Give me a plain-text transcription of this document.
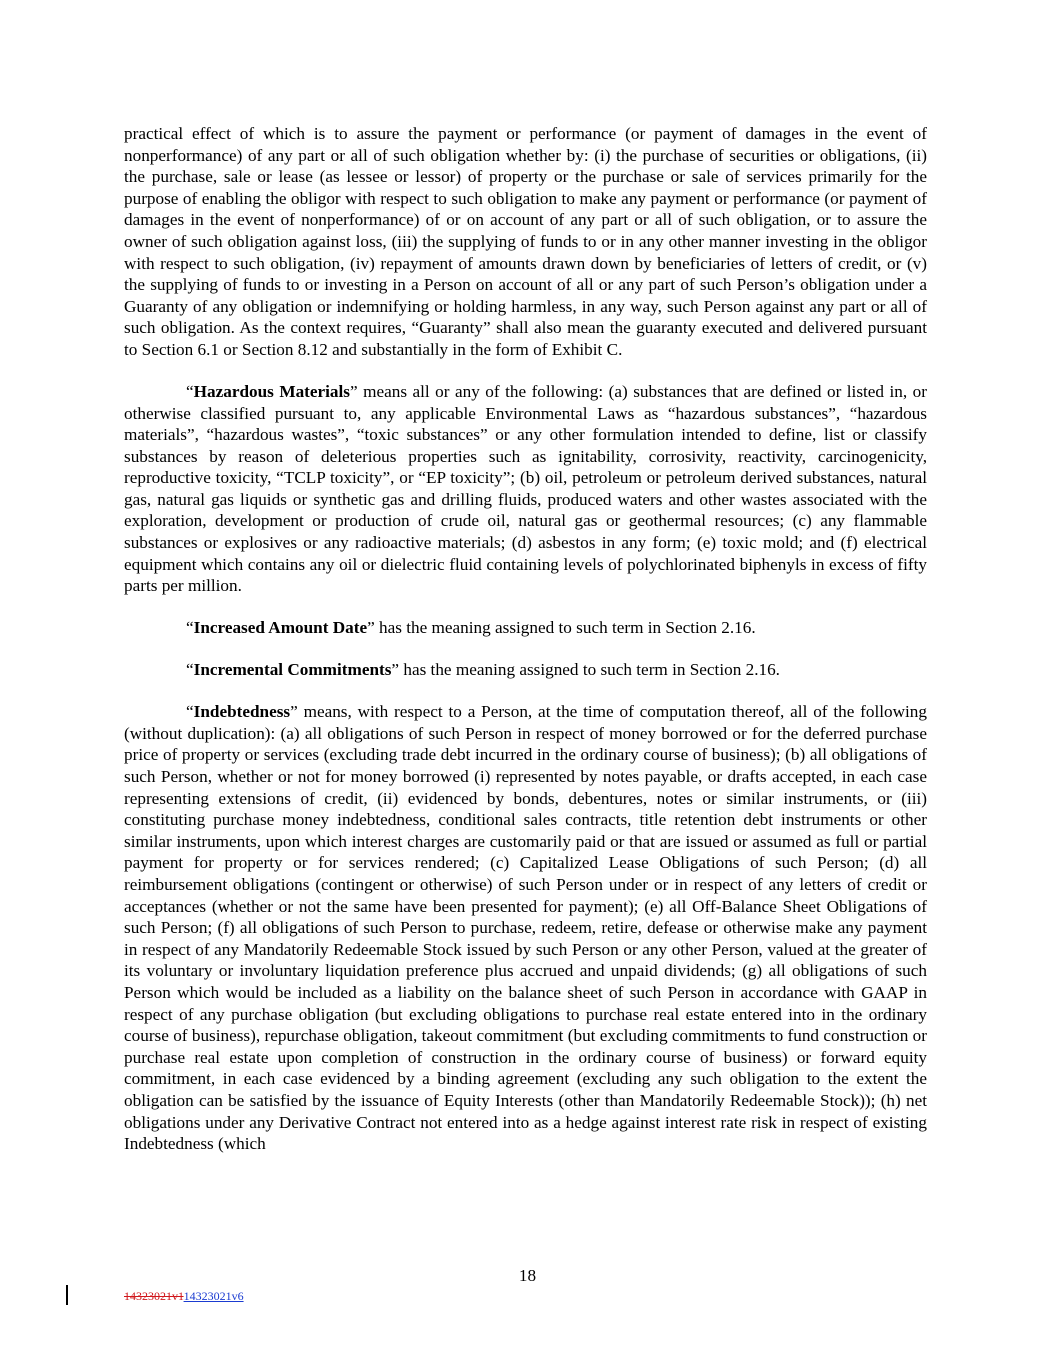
practical effect of which is to assure the payment or performance (or payment of damages in the event of nonperformance) of any part or all of such obligation whether by: (i) the purchase of securities or obligations, (ii) the purchase, sale or lease (as lessee or lessor) of property or the purchase or sale of services primarily for the purpose of enabling the obligor with respect to such obligation to make any payment or performance (or payment of damages in the event of nonperformance) of or on account of any part or all of such obligation, or to assure the owner of such obligation against loss, (iii) the supplying of funds to or in any other manner investing in the obligor with respect to such obligation, (iv) repayment of amounts drawn down by beneficiaries of letters of credit, or (v) the supplying of funds to or investing in a Person on account of all or any part of such Person’s obligation under a Guaranty of any obligation or indemnifying or holding harmless, in any way, such Person against any part or all of such obligation. As the context requires, “Guaranty” shall also mean the guaranty executed and delivered pursuant to Section 6.1 or Section 8.12 and substantially in the form of Exhibit C.

“Hazardous Materials” means all or any of the following: (a) substances that are defined or listed in, or otherwise classified pursuant to, any applicable Environmental Laws as “hazardous substances”, “hazardous materials”, “hazardous wastes”, “toxic substances” or any other formulation intended to define, list or classify substances by reason of deleterious properties such as ignitability, corrosivity, reactivity, carcinogenicity, reproductive toxicity, “TCLP toxicity”, or “EP toxicity”; (b) oil, petroleum or petroleum derived substances, natural gas, natural gas liquids or synthetic gas and drilling fluids, produced waters and other wastes associated with the exploration, development or production of crude oil, natural gas or geothermal resources; (c) any flammable substances or explosives or any radioactive materials; (d) asbestos in any form; (e) toxic mold; and (f) electrical equipment which contains any oil or dielectric fluid containing levels of polychlorinated biphenyls in excess of fifty parts per million.

“Increased Amount Date” has the meaning assigned to such term in Section 2.16.

“Incremental Commitments” has the meaning assigned to such term in Section 2.16.

“Indebtedness” means, with respect to a Person, at the time of computation thereof, all of the following (without duplication): (a) all obligations of such Person in respect of money borrowed or for the deferred purchase price of property or services (excluding trade debt incurred in the ordinary course of business); (b) all obligations of such Person, whether or not for money borrowed (i) represented by notes payable, or drafts accepted, in each case representing extensions of credit, (ii) evidenced by bonds, debentures, notes or similar instruments, or (iii) constituting purchase money indebtedness, conditional sales contracts, title retention debt instruments or other similar instruments, upon which interest charges are customarily paid or that are issued or assumed as full or partial payment for property or for services rendered; (c) Capitalized Lease Obligations of such Person; (d) all reimbursement obligations (contingent or otherwise) of such Person under or in respect of any letters of credit or acceptances (whether or not the same have been presented for payment); (e) all Off-Balance Sheet Obligations of such Person; (f) all obligations of such Person to purchase, redeem, retire, defease or otherwise make any payment in respect of any Mandatorily Redeemable Stock issued by such Person or any other Person, valued at the greater of its voluntary or involuntary liquidation preference plus accrued and unpaid dividends; (g) all obligations of such Person which would be included as a liability on the balance sheet of such Person in accordance with GAAP in respect of any purchase obligation (but excluding obligations to purchase real estate entered into in the ordinary course of business), repurchase obligation, takeout commitment (but excluding commitments to fund construction or purchase real estate upon completion of construction in the ordinary course of business) or forward equity commitment, in each case evidenced by a binding agreement (excluding any such obligation to the extent the obligation can be satisfied by the issuance of Equity Interests (other than Mandatorily Redeemable Stock)); (h) net obligations under any Derivative Contract not entered into as a hedge against interest rate risk in respect of existing Indebtedness (which

18
14323021v114323021v6
